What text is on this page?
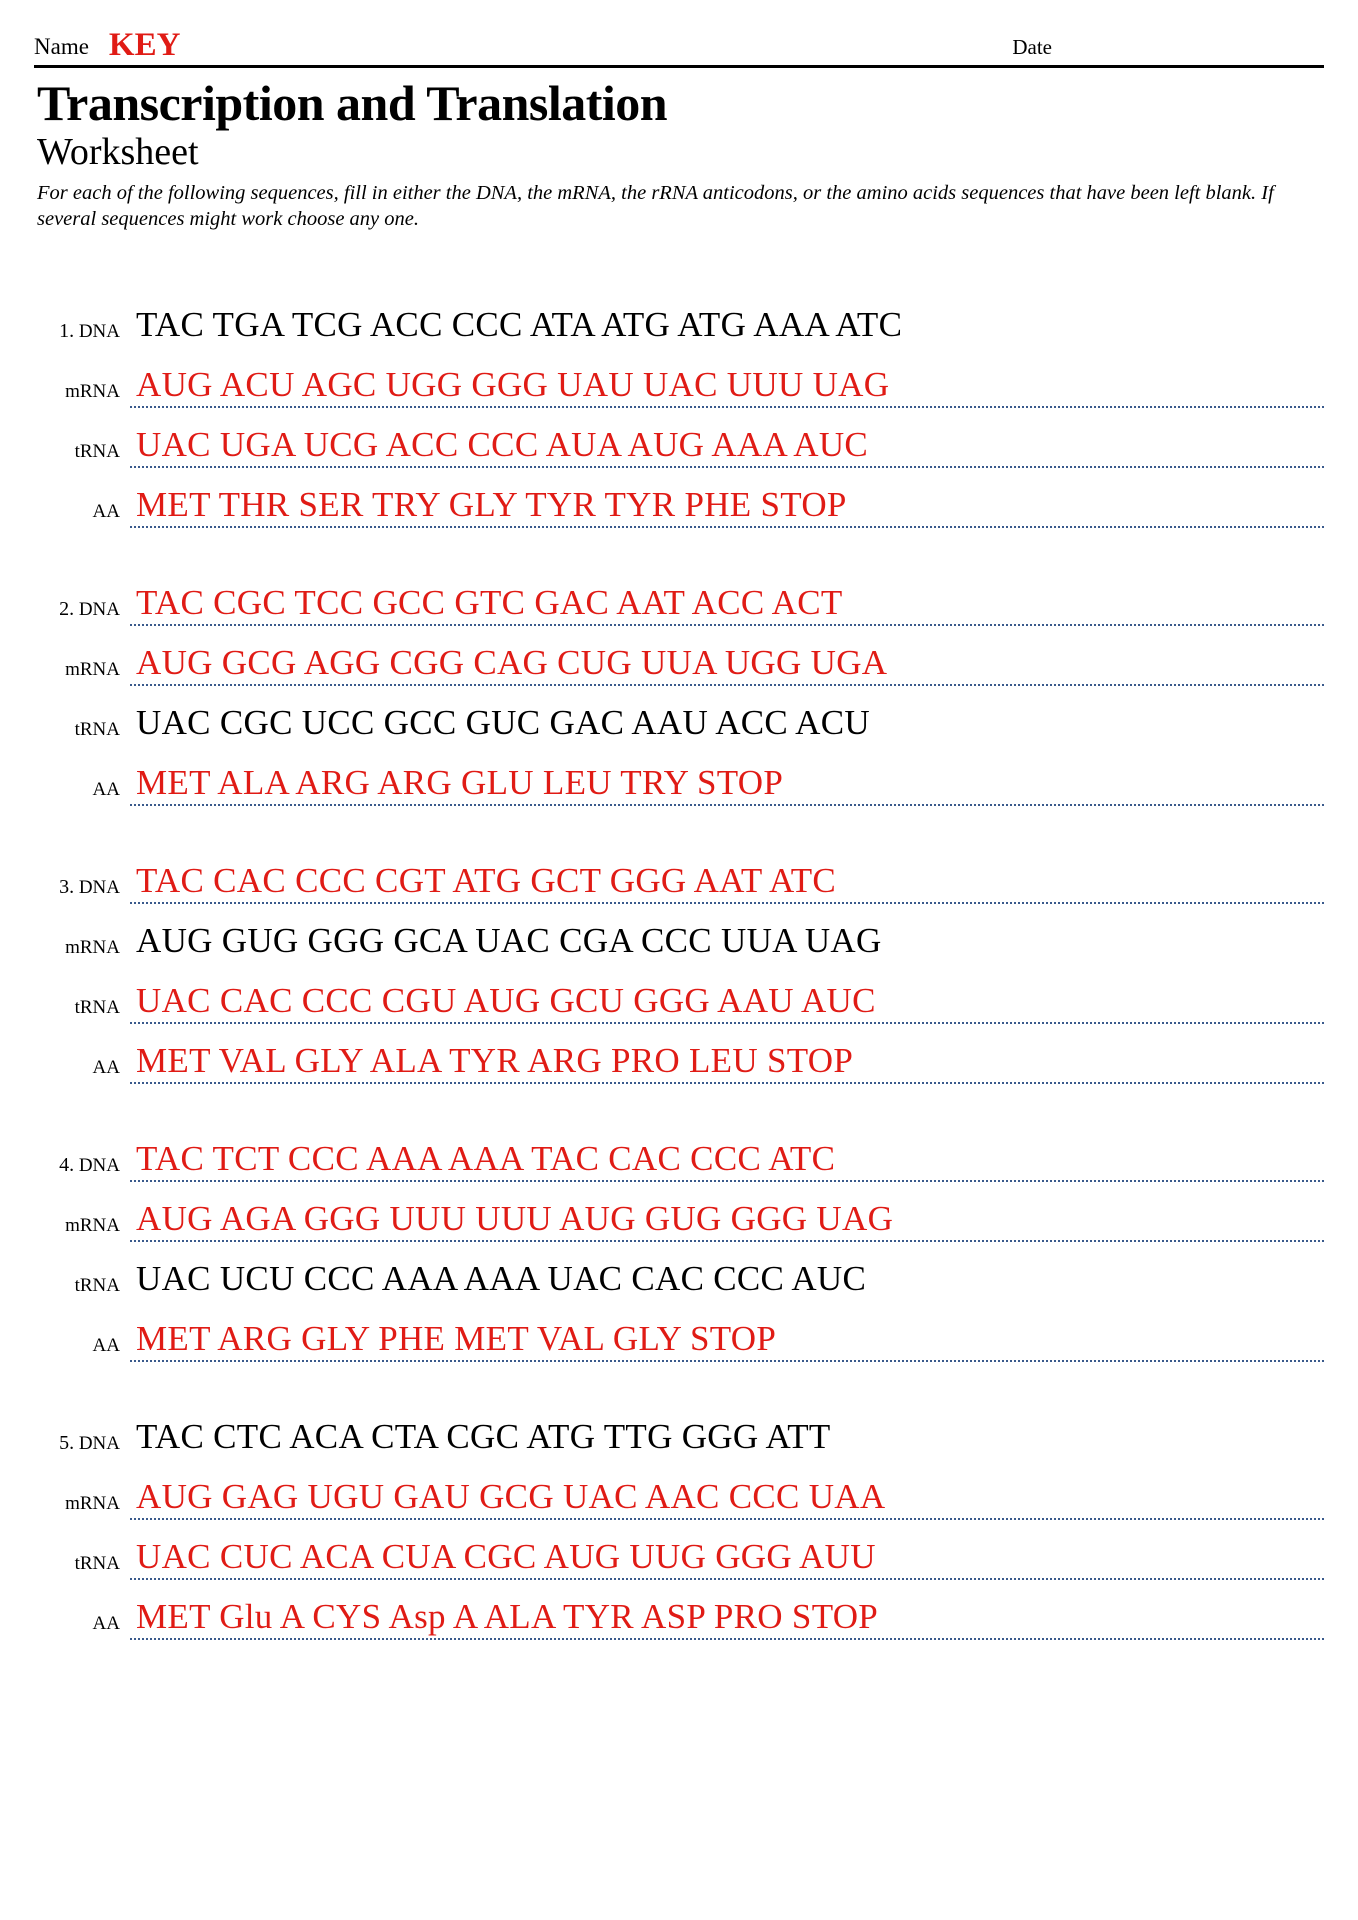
Name KEY	Date
Transcription and Translation
Worksheet
For each of the following sequences, fill in either the DNA, the mRNA, the rRNA anticodons, or the amino acids sequences that have been left blank. If several sequences might work choose any one.
1. DNA TAC TGA TCG ACC CCC ATA ATG ATG AAA ATC
mRNA AUG ACU AGC UGG GGG UAU UAC UUU UAG
tRNA UAC UGA UCG ACC CCC AUA AUG AAA AUC
AA MET THR SER TRY GLY TYR TYR PHE STOP
2. DNA TAC CGC TCC GCC GTC GAC AAT ACC ACT
mRNA AUG GCG AGG CGG CAG CUG UUA UGG UGA
tRNA UAC CGC UCC GCC GUC GAC AAU ACC ACU
AA MET ALA ARG ARG GLU LEU TRY STOP
3. DNA TAC CAC CCC CGT ATG GCT GGG AAT ATC
mRNA AUG GUG GGG GCA UAC CGA CCC UUA UAG
tRNA UAC CAC CCC CGU AUG GCU GGG AAU AUC
AA MET VAL GLY ALA TYR ARG PRO LEU STOP
4. DNA TAC TCT CCC AAA AAA TAC CAC CCC ATC
mRNA AUG AGA GGG UUU UUU AUG GUG GGG UAG
tRNA UAC UCU CCC AAA AAA UAC CAC CCC AUC
AA MET ARG GLY PHE MET VAL GLY STOP
5. DNA TAC CTC ACA CTA CGC ATG TTG GGG ATT
mRNA AUG GAG UGU GAU GCG UAC AAC CCC UAA
tRNA UAC CUC ACA CUA CGC AUG UUG GGG AUU
AA MET Glu A CYS Asp A ALA TYR ASP PRO STOP
